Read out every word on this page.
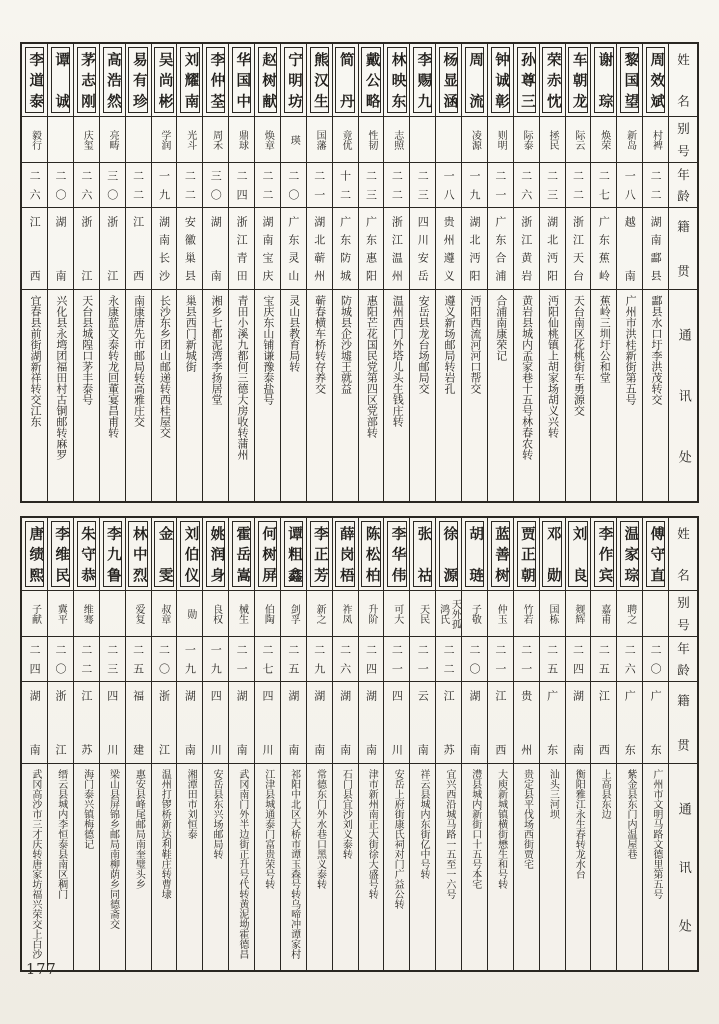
姓名
别号
年龄
籍贯
通讯处
周效斌
村裨
二二
湖南酃县
酃县水口圩李洪茂转交
黎国望
新岛
一八
越南
广州市洪桂新街第五号
谢琮
焕荣
二七
广东蕉岭
蕉岭三圳圩公和堂
车朝龙
际云
二二
浙江天台
天台南区花桃街车勇源交
荣赤忱
拯民
二三
湖北沔阳
沔阳仙桃镇上胡家场胡义兴转
孙尊三
际泰
二六
浙江黄岩
黄岩县城内孟家巷十五号林春农转
钟诚彰
则明
二一
广东合浦
合浦南康荣记
周流
凌源
一九
湖北沔阳
沔阳西流河河口帮交
杨显涵
一八
贵州遵义
遵义新场邮局转岩孔
李赐九
二三
四川安岳
安岳县龙台场邮局交
林映东
志照
二二
浙江温州
温州西门外塔儿头生钱庄转
戴公略
性韧
二三
广东惠阳
惠阳芒花国民党第四区党部转
简丹
竟优
十二
广东防城
防城县企沙墟王就益
熊汉生
国藩
二一
湖北蕲州
蕲春横车桥转存养交
宁明坊
瑛
二〇
广东灵山
灵山县教育局转
赵树献
焕章
二二
湖南宝庆
宝庆东山铺谦豫泰盐号
华国中
鼎球
二四
浙江青田
青田小溪九都何三德大房收转蒲州
李仲荃
周禾
三〇
湖南
湘乡七都泥湾李扬居堂
刘耀南
光斗
二二
安徽巢县
巢县西门新城街
吴尚彬
学润
一九
湖南长沙
长沙东乡团山邮递转西桂屋交
易有珍
二二
江西
南康唐先市邮局转高雅庄交
高浩然
亮畴
三〇
浙江
永康蓝文泰转龙回董宴昌甫转
茅志刚
庆玺
二六
浙江
天台县城隍口茅丰泰号
谭诚
二〇
湖南
兴化县永塆团福田村古铜邮转麻罗
李道泰
毅行
二六
江西
宜春县前街湖新祥转交江东
姓名
别号
年龄
籍贯
通讯处
傅守直
二〇
广东
广州市文明马路文德里第五号
温家琮
聘之
二六
广东
紫金县东门内温屋巷
李作宾
嘉甫
二五
江西
上高县东边
刘良
觌辉
二四
湖南
衡阳雅江永生春转龙水台
邓勋
国栋
二五
广东
汕头三河坝
贾正朝
竹若
二一
贵州
贵定县平伐场西街贾宅
蓝善树
仲玉
二一
江西
大庾新城镇横街懋生和号转
胡琏
子敬
二〇
湖南
澧县城内新街口十五号本宅
徐源
天外孤鸿氏
二二
江苏
宜兴西沿城马路一五至一六号
张祜
天民
二一
云南
祥云县城内东街亿中号转
李华伟
可大
二一
四川
安岳上府街康氏祠对门广益公转
陈松柏
升阶
二四
湖南
津市新州南正大街徐大盛号转
薛岗梧
祚凤
二六
湖南
石门县宜沙刘义泰转
李正芳
新之
二九
湖南
常德东门外水巷口黑义泰转
谭粗鑫
剑孚
二五
湖南
祁阳中北区大桥市谭玉森号转乌啼冲谭家村
何树屏
伯陶
二七
四川
江津县城通泰门富贵荣号转
霍岳嵩
械生
二一
湖南
武冈南门外半边街正升号代转黄泥坳霍德昌
姚润身
良权
一九
四川
安岳县东兴场邮局转
刘伯仪
勋
一九
湖南
湘潭田市刘恒泰
金雯
叔章
二〇
浙江
温州打锣桥新达利鞋庄转曹埭
林中烈
爱复
二五
福建
惠安县峰尾邮局南奎璧头乡
李九鲁
二三
四川
梁山县屏锦乡邮局南柳荫乡同德斋交
朱守恭
维骞
二二
江苏
海门泰兴镇梅德记
李维民
冀平
二〇
浙江
缙云县城内李恒泰县南区稠门
唐绩熙
子献
二四
湖南
武冈高沙市三才庆转唐家坊福兴荣交上白沙
177
